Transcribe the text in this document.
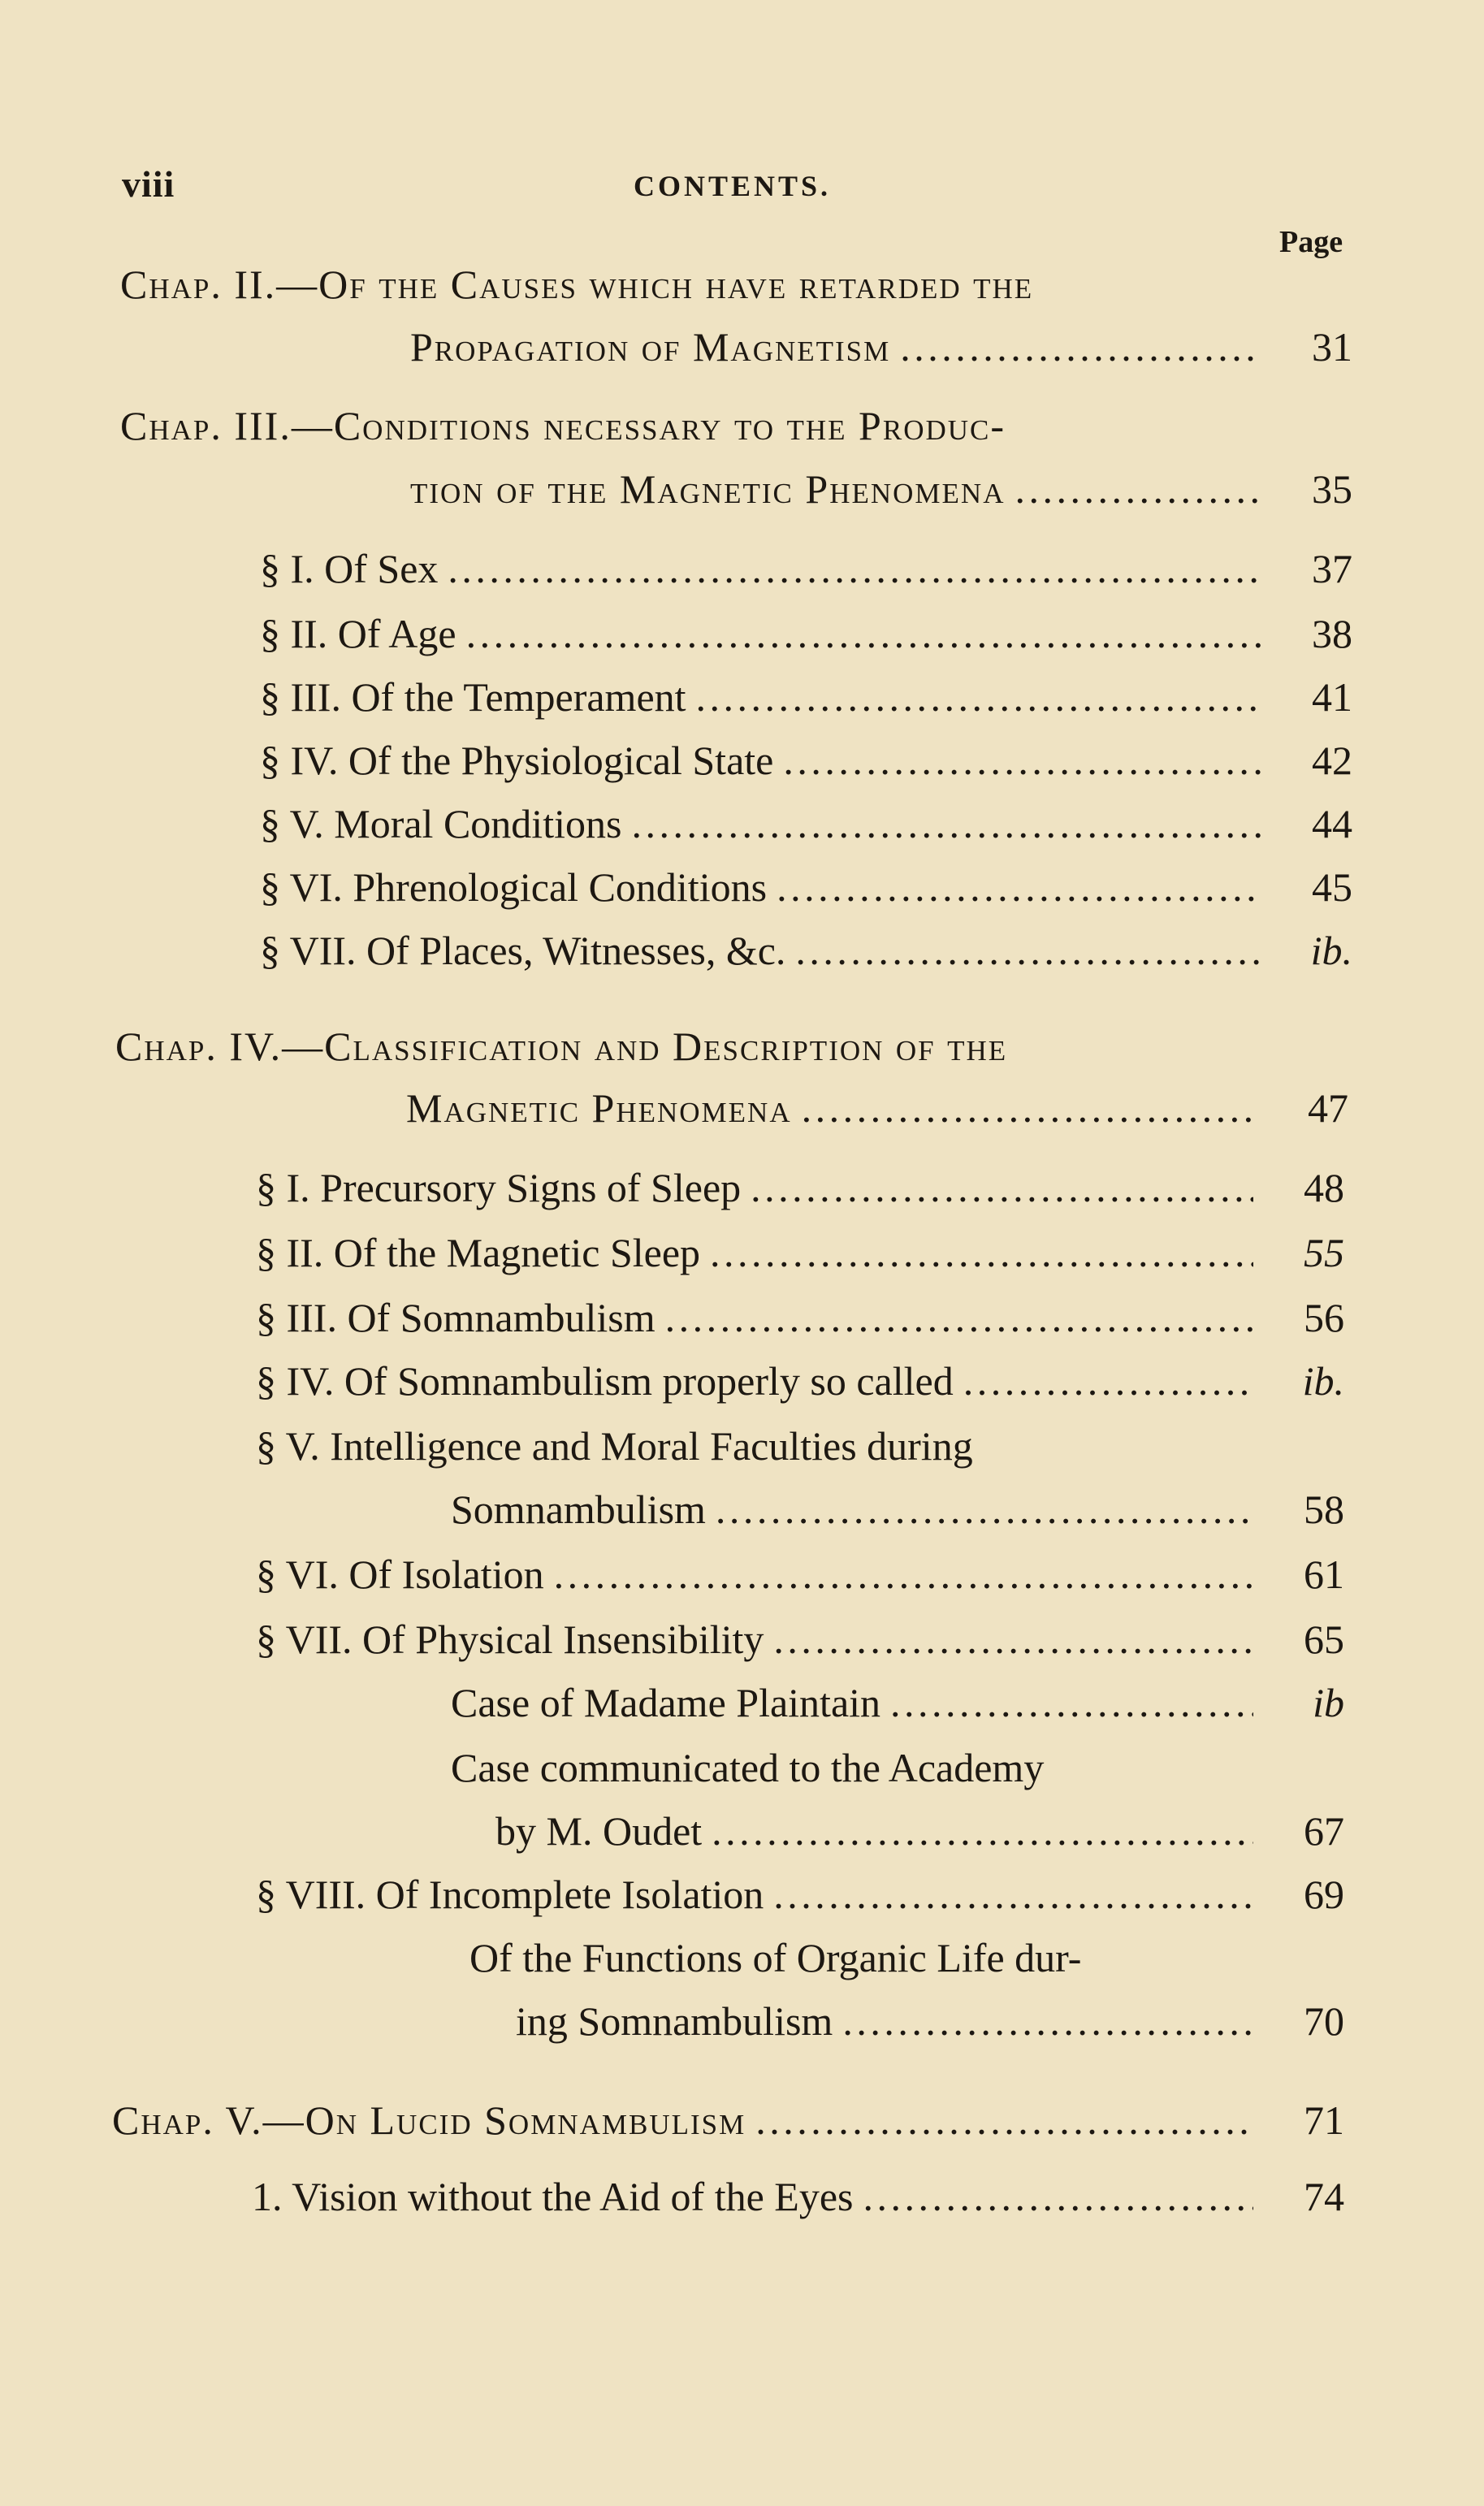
viii	CONTENTS.
Page
Chap. II.—Of the Causes which have retarded the
Propagation of Magnetism . . .	31
Chap. III.—Conditions necessary to the Produc-
tion of the Magnetic Phenomena . . .	35
§ I. Of Sex . . .	37
§ II. Of Age . . .	38
§ III. Of the Temperament . . .	41
§ IV. Of the Physiological State . . .	42
§ V. Moral Conditions . . .	44
§ VI. Phrenological Conditions . . .	45
§ VII. Of Places, Witnesses, &c. . . .	ib.
Chap. IV.—Classification and Description of the
Magnetic Phenomena . . .	47
§ I. Precursory Signs of Sleep . . .	48
§ II. Of the Magnetic Sleep . . .	55
§ III. Of Somnambulism . . .	56
§ IV. Of Somnambulism properly so called . . .	ib.
§ V. Intelligence and Moral Faculties during
Somnambulism . . .	58
§ VI. Of Isolation . . .	61
§ VII. Of Physical Insensibility . . .	65
Case of Madame Plaintain . . .	ib
Case communicated to the Academy
by M. Oudet . . .	67
§ VIII. Of Incomplete Isolation . . .	69
Of the Functions of Organic Life dur-
ing Somnambulism . . .	70
Chap. V.—On Lucid Somnambulism . . .	71
1. Vision without the Aid of the Eyes . . .	74
